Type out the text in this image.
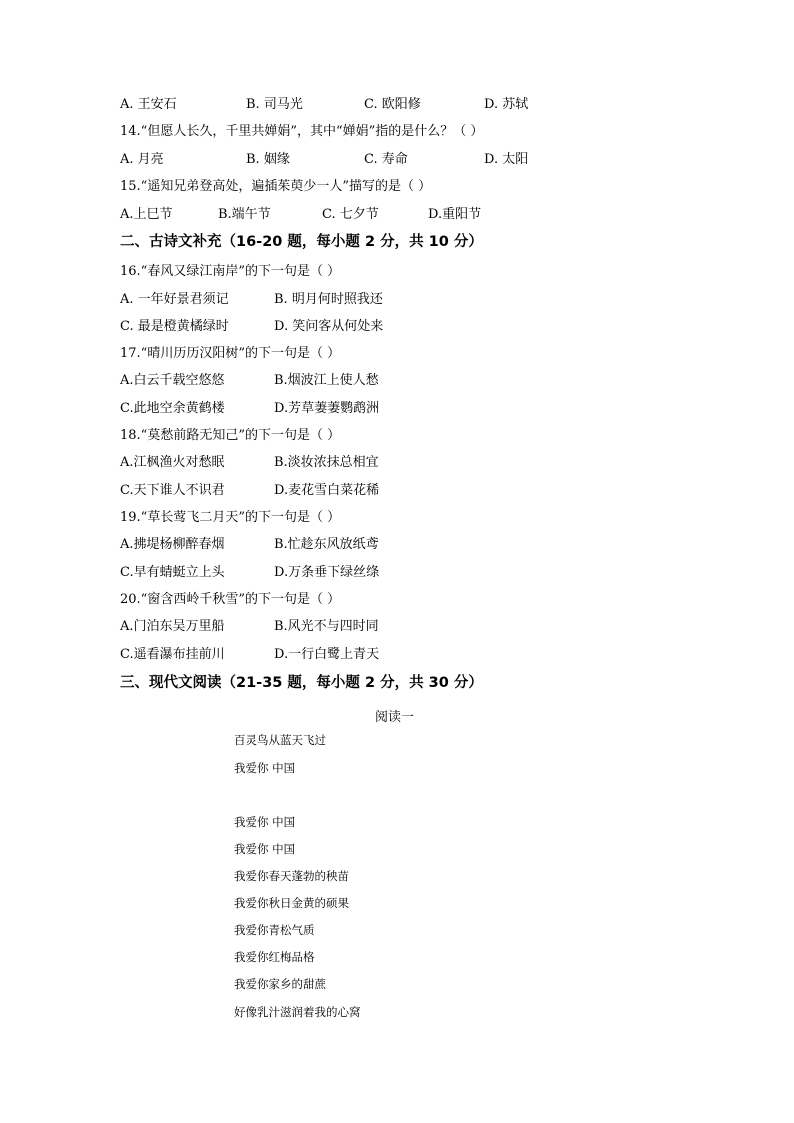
A. 王安石	B. 司马光	C. 欧阳修	D. 苏轼
14.“但愿人长久，千里共婵娟”，其中“婵娟”指的是什么？（ ）
A. 月亮	B. 姻缘	C. 寿命	D. 太阳
15.“遥知兄弟登高处，遍插茱萸少一人”描写的是（ ）
A.上巳节	B.端午节	C. 七夕节	D.重阳节
二、古诗文补充（16-20 题，每小题 2 分，共 10 分）
16.“春风又绿江南岸”的下一句是（ ）
A. 一年好景君须记	B. 明月何时照我还
C. 最是橙黄橘绿时	D. 笑问客从何处来
17.“晴川历历汉阳树”的下一句是（ ）
A.白云千载空悠悠	B.烟波江上使人愁
C.此地空余黄鹤楼	D.芳草萋萋鹦鹉洲
18.“莫愁前路无知己”的下一句是（ ）
A.江枫渔火对愁眠	B.淡妆浓抹总相宜
C.天下谁人不识君	D.麦花雪白菜花稀
19.“草长莺飞二月天”的下一句是（ ）
A.拂堤杨柳醉春烟	B.忙趁东风放纸鸢
C.早有蜻蜓立上头	D.万条垂下绿丝绦
20.“窗含西岭千秋雪”的下一句是（ ）
A.门泊东吴万里船	B.风光不与四时同
C.遥看瀑布挂前川	D.一行白鹭上青天
三、现代文阅读（21-35 题，每小题 2 分，共 30 分）
阅读一
百灵鸟从蓝天飞过
我爱你 中国
我爱你 中国
我爱你 中国
我爱你春天蓬勃的秧苗
我爱你秋日金黄的硕果
我爱你青松气质
我爱你红梅品格
我爱你家乡的甜蔗
好像乳汁滋润着我的心窝
